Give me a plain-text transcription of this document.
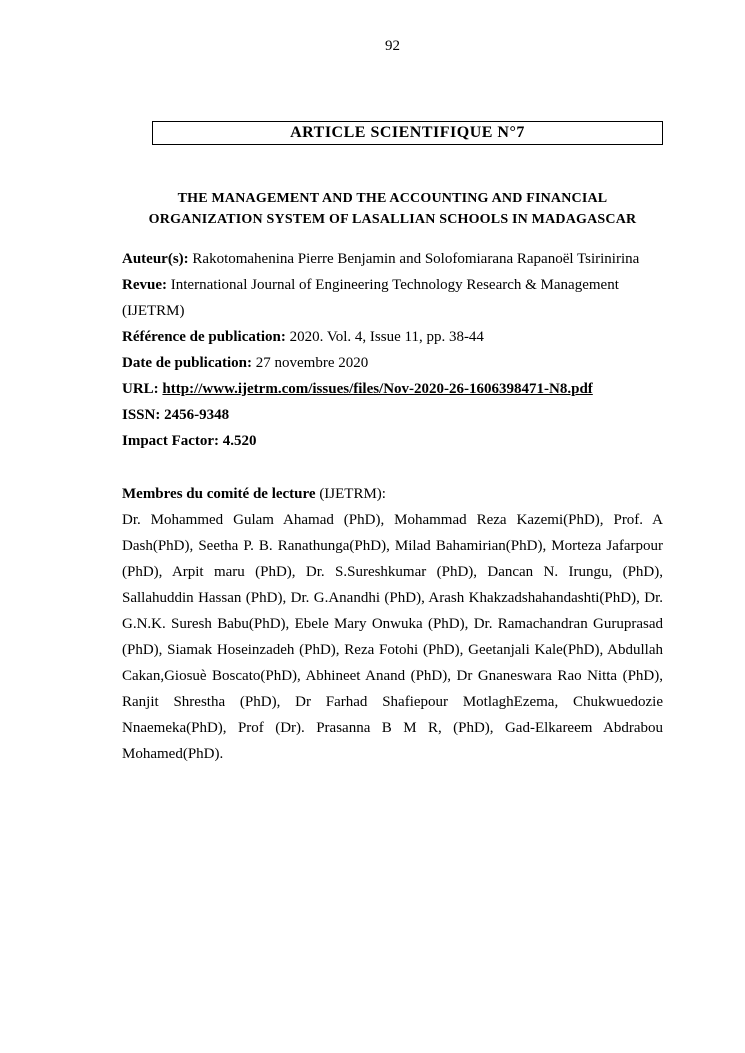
92
ARTICLE SCIENTIFIQUE N°7
THE MANAGEMENT AND THE ACCOUNTING AND FINANCIAL
ORGANIZATION SYSTEM OF LASALLIAN SCHOOLS IN MADAGASCAR
Auteur(s): Rakotomahenina Pierre Benjamin and Solofomiarana Rapanoël Tsirinirina
Revue: International Journal of Engineering Technology Research & Management (IJETRM)
Référence de publication: 2020. Vol. 4, Issue 11, pp. 38-44
Date de publication: 27 novembre 2020
URL: http://www.ijetrm.com/issues/files/Nov-2020-26-1606398471-N8.pdf
ISSN: 2456-9348
Impact Factor: 4.520
Membres du comité de lecture (IJETRM):

Dr. Mohammed Gulam Ahamad (PhD), Mohammad Reza Kazemi(PhD), Prof. A Dash(PhD), Seetha P. B. Ranathunga(PhD), Milad Bahamirian(PhD), Morteza Jafarpour (PhD), Arpit maru (PhD), Dr. S.Sureshkumar (PhD), Dancan N. Irungu, (PhD), Sallahuddin Hassan (PhD), Dr. G.Anandhi (PhD), Arash Khakzadshahandashti(PhD), Dr. G.N.K. Suresh Babu(PhD), Ebele Mary Onwuka (PhD), Dr. Ramachandran Guruprasad (PhD), Siamak Hoseinzadeh (PhD), Reza Fotohi (PhD), Geetanjali Kale(PhD), Abdullah Cakan,Giosuè Boscato(PhD), Abhineet Anand (PhD), Dr Gnaneswara Rao Nitta (PhD), Ranjit Shrestha (PhD), Dr Farhad Shafiepour MotlaghEzema, Chukwuedozie Nnaemeka(PhD), Prof (Dr). Prasanna B M R, (PhD), Gad-Elkareem Abdrabou Mohamed(PhD).
